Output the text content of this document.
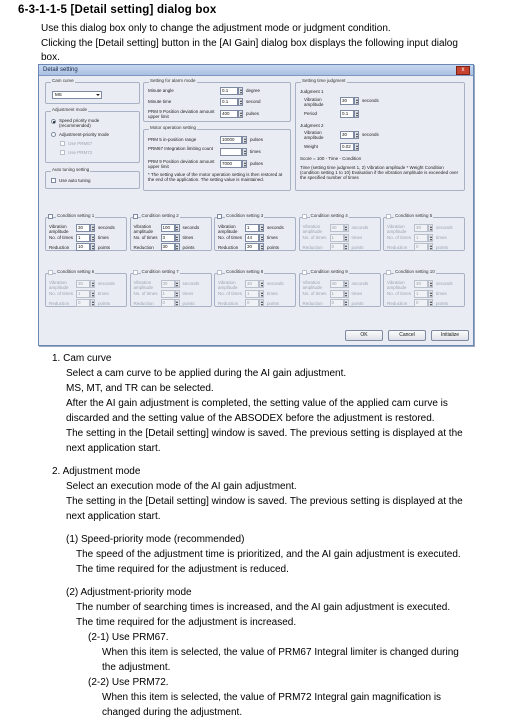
6-3-1-1-5 [Detail setting] dialog box
Use this dialog box only to change the adjustment mode or judgment condition.
Clicking the [Detail setting] button in the [AI Gain] dialog box displays the following input dialog
box.
Detail setting	x
Cam curve
MS
Adjustment mode
Speed priority mode (recommended)
Adjustment-priority mode
Use PRM67
Use PRM72
Auto tuning setting
Use auto tuning
Setting for alarm mode
Minute angle	0.1	degree
Minute time	0.1	second
PRM 9 Position deviation amount upper limit
400	pulses
Motor operation setting
PRM 5 in-position range	10000	pulses
PRM67 Integration limiting count
times
PRM 9 Position deviation amount upper limit
7000	pulses
* The setting value of the motor operation setting is then restored at the end of the application. The setting value is maintained.
Setting time judgment
Judgment 1
Vibration amplitude
30	seconds
Period	0.1
Judgment 2
Vibration amplitude
30	seconds
Weight	0.02
Score = 100 - Time - Condition
Time (setting time judgment 1, 2) Vibration amplitude * Weight Condition (condition setting 1 to 10) Evaluation if the vibration amplitude is exceeded over the specified number of times
Condition setting 1
Vibration amplitude
30	seconds
No. of times	1	times
Reduction	10	points
Condition setting 2
Vibration amplitude
100	seconds
No. of times	3	times
Reduction	30	points
Condition setting 3
Vibration amplitude
1	seconds
No. of times	44	times
Reduction	30	points
Condition setting 4
Vibration amplitude
30	seconds
No. of times	1	times
Reduction	0	points
Condition setting 5
Vibration amplitude
30	seconds
No. of times	1	times
Reduction	0	points
Condition setting 6
Vibration amplitude
30	seconds
No. of times	1	times
Reduction	0	points
Condition setting 7
Vibration amplitude
30	seconds
No. of times	1	times
Reduction	0	points
Condition setting 8
Vibration amplitude
30	seconds
No. of times	1	times
Reduction	0	points
Condition setting 9
Vibration amplitude
30	seconds
No. of times	1	times
Reduction	0	points
Condition setting 10
Vibration amplitude
30	seconds
No. of times	1	times
Reduction	0	points
OK	Cancel	Initialize
1. Cam curve
Select a cam curve to be applied during the AI gain adjustment.
MS, MT, and TR can be selected.
After the AI gain adjustment is completed, the setting value of the applied cam curve is
discarded and the setting value of the ABSODEX before the adjustment is restored.
The setting in the [Detail setting] window is saved. The previous setting is displayed at the
next application start.
2. Adjustment mode
Select an execution mode of the AI gain adjustment.
The setting in the [Detail setting] window is saved. The previous setting is displayed at the
next application start.
(1) Speed-priority mode (recommended)
The speed of the adjustment time is prioritized, and the AI gain adjustment is executed.
The time required for the adjustment is reduced.
(2) Adjustment-priority mode
The number of searching times is increased, and the AI gain adjustment is executed.
The time required for the adjustment is increased.
(2-1) Use PRM67.
When this item is selected, the value of PRM67 Integral limiter is changed during
the adjustment.
(2-2) Use PRM72.
When this item is selected, the value of PRM72 Integral gain magnification is
changed during the adjustment.
